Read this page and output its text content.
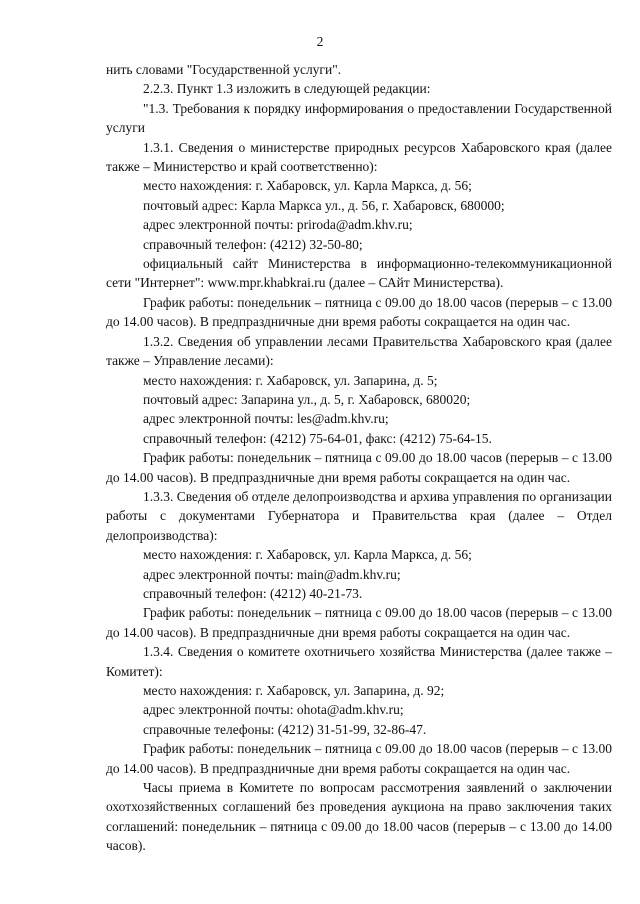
2

нить словами "Государственной услуги".

2.2.3. Пункт 1.3 изложить в следующей редакции:

"1.3. Требования к порядку информирования о предоставлении Государственной услуги

1.3.1. Сведения о министерстве природных ресурсов Хабаровского края (далее также – Министерство и край соответственно):

место нахождения: г. Хабаровск, ул. Карла Маркса, д. 56;

почтовый адрес: Карла Маркса ул., д. 56, г. Хабаровск, 680000;

адрес электронной почты: priroda@adm.khv.ru;

справочный телефон: (4212) 32-50-80;

официальный сайт Министерства в информационно-телекоммуникационной сети "Интернет": www.mpr.khabkrai.ru (далее – САйт Министерства).

График работы: понедельник – пятница с 09.00 до 18.00 часов (перерыв – с 13.00 до 14.00 часов). В предпраздничные дни время работы сокращается на один час.

1.3.2. Сведения об управлении лесами Правительства Хабаровского края (далее также – Управление лесами):

место нахождения: г. Хабаровск, ул. Запарина, д. 5;

почтовый адрес: Запарина ул., д. 5, г. Хабаровск, 680020;

адрес электронной почты: les@adm.khv.ru;

справочный телефон: (4212) 75-64-01, факс: (4212) 75-64-15.

График работы: понедельник – пятница с 09.00 до 18.00 часов (перерыв – с 13.00 до 14.00 часов). В предпраздничные дни время работы сокращается на один час.

1.3.3. Сведения об отделе делопроизводства и архива управления по организации работы с документами Губернатора и Правительства края (далее – Отдел делопроизводства):

место нахождения: г. Хабаровск, ул. Карла Маркса, д. 56;

адрес электронной почты: main@adm.khv.ru;

справочный телефон: (4212) 40-21-73.

График работы: понедельник – пятница с 09.00 до 18.00 часов (перерыв – с 13.00 до 14.00 часов). В предпраздничные дни время работы сокращается на один час.

1.3.4. Сведения о комитете охотничьего хозяйства Министерства (далее также – Комитет):

место нахождения: г. Хабаровск, ул. Запарина, д. 92;

адрес электронной почты: ohota@adm.khv.ru;

справочные телефоны: (4212) 31-51-99, 32-86-47.

График работы: понедельник – пятница с 09.00 до 18.00 часов (перерыв – с 13.00 до 14.00 часов). В предпраздничные дни время работы сокращается на один час.

Часы приема в Комитете по вопросам рассмотрения заявлений о заключении охотхозяйственных соглашений без проведения аукциона на право заключения таких соглашений: понедельник – пятница с 09.00 до 18.00 часов (перерыв – с 13.00 до 14.00 часов).
